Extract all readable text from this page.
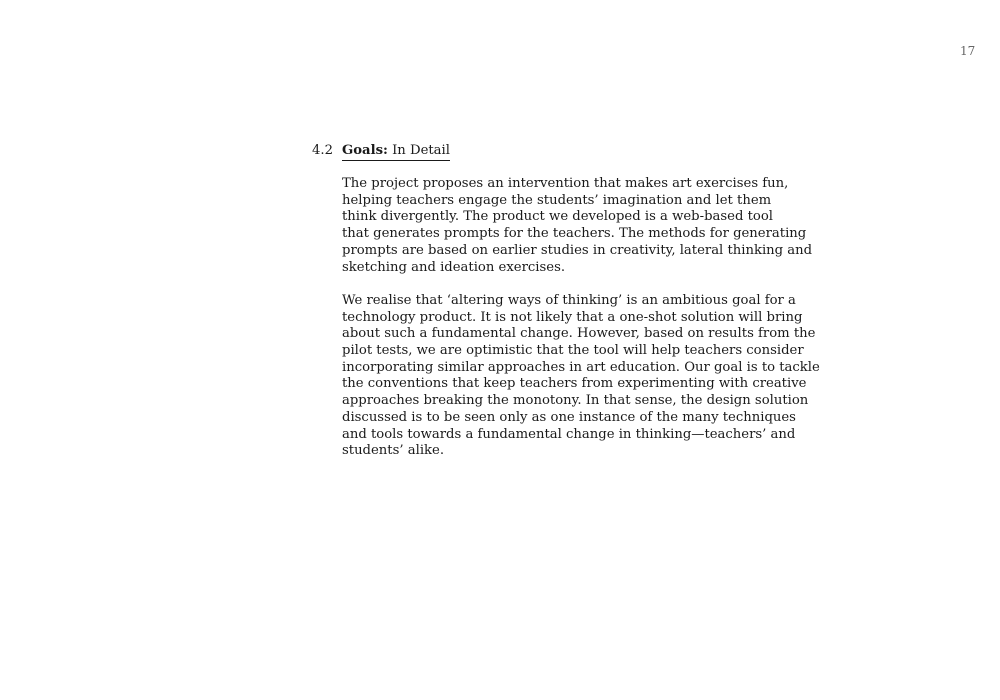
17
4.2 Goals: In Detail

The project proposes an intervention that makes art exercises fun,
helping teachers engage the students’ imagination and let them
think divergently. The product we developed is a web-based tool
that generates prompts for the teachers. The methods for generating
prompts are based on earlier studies in creativity, lateral thinking and
sketching and ideation exercises.

We realise that ‘altering ways of thinking’ is an ambitious goal for a
technology product. It is not likely that a one-shot solution will bring
about such a fundamental change. However, based on results from the
pilot tests, we are optimistic that the tool will help teachers consider
incorporating similar approaches in art education. Our goal is to tackle
the conventions that keep teachers from experimenting with creative
approaches breaking the monotony. In that sense, the design solution
discussed is to be seen only as one instance of the many techniques
and tools towards a fundamental change in thinking—teachers’ and
students’ alike.
